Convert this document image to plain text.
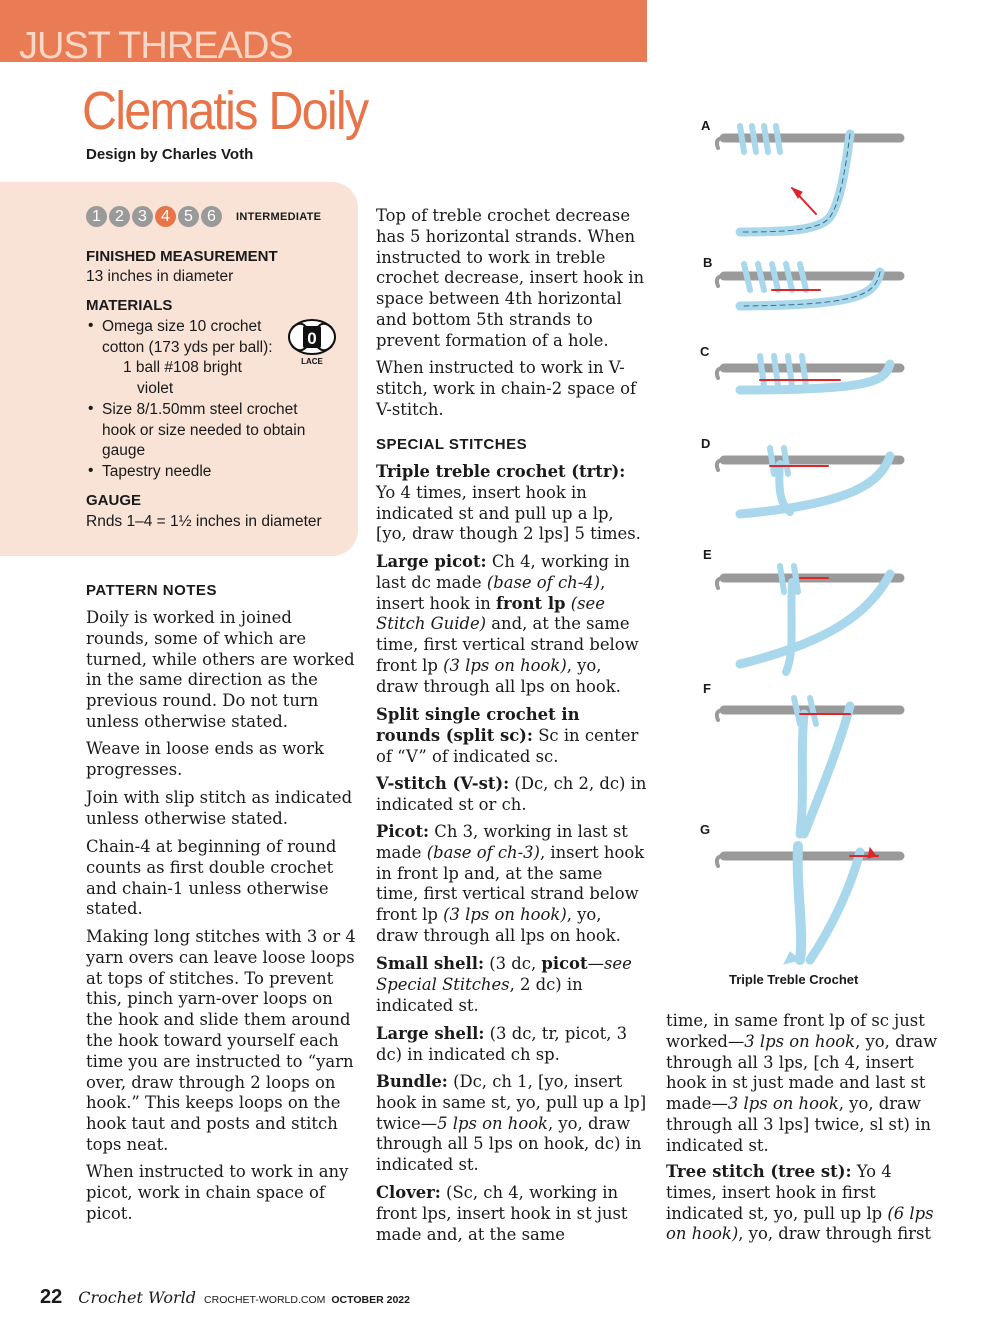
JUST THREADS
Clematis Doily
Design by Charles Voth
1 2 3 4 5 6	INTERMEDIATE
FINISHED MEASUREMENT
13 inches in diameter
MATERIALS
• Omega size 10 crochet
cotton (173 yds per ball):
1 ball #108 bright
violet
• Size 8/1.50mm steel crochet
hook or size needed to obtain
gauge
• Tapestry needle
0
LACE
GAUGE
Rnds 1–4 = 1½ inches in diameter
PATTERN NOTES

Doily is worked in joined rounds, some of which are turned, while others are worked in the same direction as the previous round. Do not turn unless otherwise stated.

Weave in loose ends as work progresses.

Join with slip stitch as indicated unless otherwise stated.

Chain-4 at beginning of round counts as first double crochet and chain-1 unless otherwise stated.

Making long stitches with 3 or 4 yarn overs can leave loose loops at tops of stitches. To prevent this, pinch yarn-over loops on the hook and slide them around the hook toward yourself each time you are instructed to “yarn over, draw through 2 loops on hook.” This keeps loops on the hook taut and posts and stitch tops neat.

When instructed to work in any picot, work in chain space of picot.

Top of treble crochet decrease has 5 horizontal strands. When instructed to work in treble crochet decrease, insert hook in space between 4th horizontal and bottom 5th strands to prevent formation of a hole.

When instructed to work in V-stitch, work in chain-2 space of V-stitch.

SPECIAL STITCHES

Triple treble crochet (trtr): Yo 4 times, insert hook in indicated st and pull up a lp, [yo, draw though 2 lps] 5 times.

Large picot: Ch 4, working in last dc made (base of ch-4), insert hook in front lp (see Stitch Guide) and, at the same time, first vertical strand below front lp (3 lps on hook), yo, draw through all lps on hook.

Split single crochet in rounds (split sc): Sc in center of “V” of indicated sc.

V-stitch (V-st): (Dc, ch 2, dc) in indicated st or ch.

Picot: Ch 3, working in last st made (base of ch-3), insert hook in front lp and, at the same time, first vertical strand below front lp (3 lps on hook), yo, draw through all lps on hook.

Small shell: (3 dc, picot—see Special Stitches, 2 dc) in indicated st.

Large shell: (3 dc, tr, picot, 3 dc) in indicated ch sp.

Bundle: (Dc, ch 1, [yo, insert hook in same st, yo, pull up a lp] twice—5 lps on hook, yo, draw through all 5 lps on hook, dc) in indicated st.

Clover: (Sc, ch 4, working in front lps, insert hook in st just made and, at the same

time, in same front lp of sc just worked—3 lps on hook, yo, draw through all 3 lps, [ch 4, insert hook in st just made and last st made—3 lps on hook, yo, draw through all 3 lps] twice, sl st) in indicated st.

Tree stitch (tree st): Yo 4 times, insert hook in first indicated st, yo, pull up lp (6 lps on hook), yo, draw through first

A
B
C
D
E
F
G
Triple Treble Crochet
22 Crochet World CROCHET-WORLD.COM OCTOBER 2022
